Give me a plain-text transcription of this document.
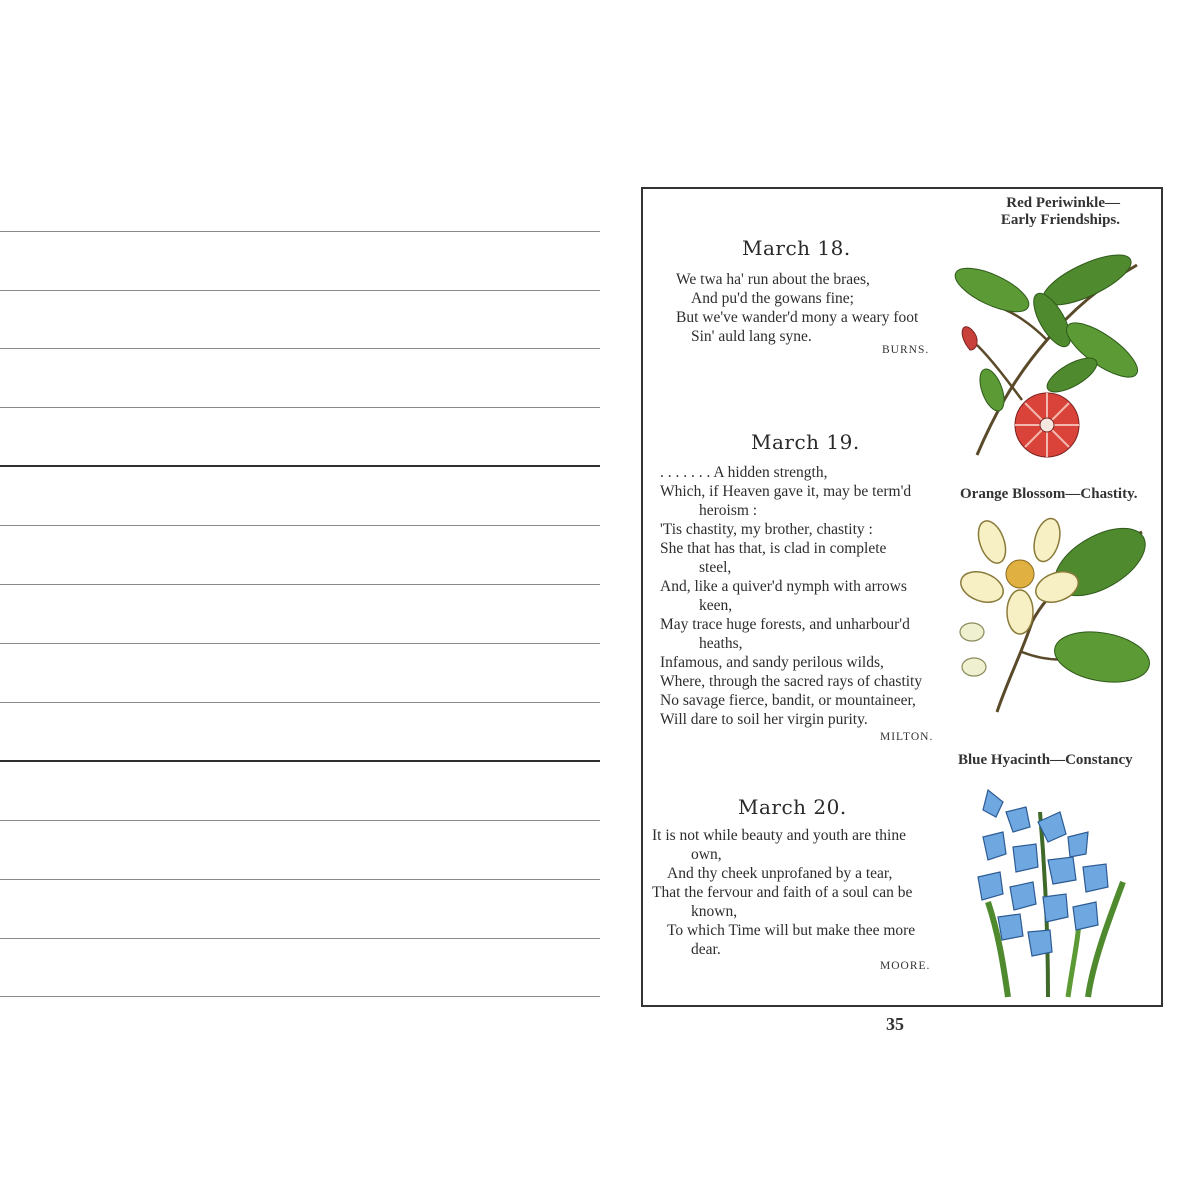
Red Periwinkle—
Early Friendships.
March 18.
We twa ha' run about the braes,
And pu'd the gowans fine;
But we've wander'd mony a weary foot
Sin' auld lang syne.
BURNS.
March 19.
. . . . . . . A hidden strength,
Which, if Heaven gave it, may be term'd
heroism :
'Tis chastity, my brother, chastity :
She that has that, is clad in complete
steel,
And, like a quiver'd nymph with arrows
keen,
May trace huge forests, and unharbour'd
heaths,
Infamous, and sandy perilous wilds,
Where, through the sacred rays of chastity
No savage fierce, bandit, or mountaineer,
Will dare to soil her virgin purity.
MILTON.
Orange Blossom—Chastity.
Blue Hyacinth—Constancy
March 20.
It is not while beauty and youth are thine
own,
And thy cheek unprofaned by a tear,
That the fervour and faith of a soul can be
known,
To which Time will but make thee more
dear.
MOORE.
35
